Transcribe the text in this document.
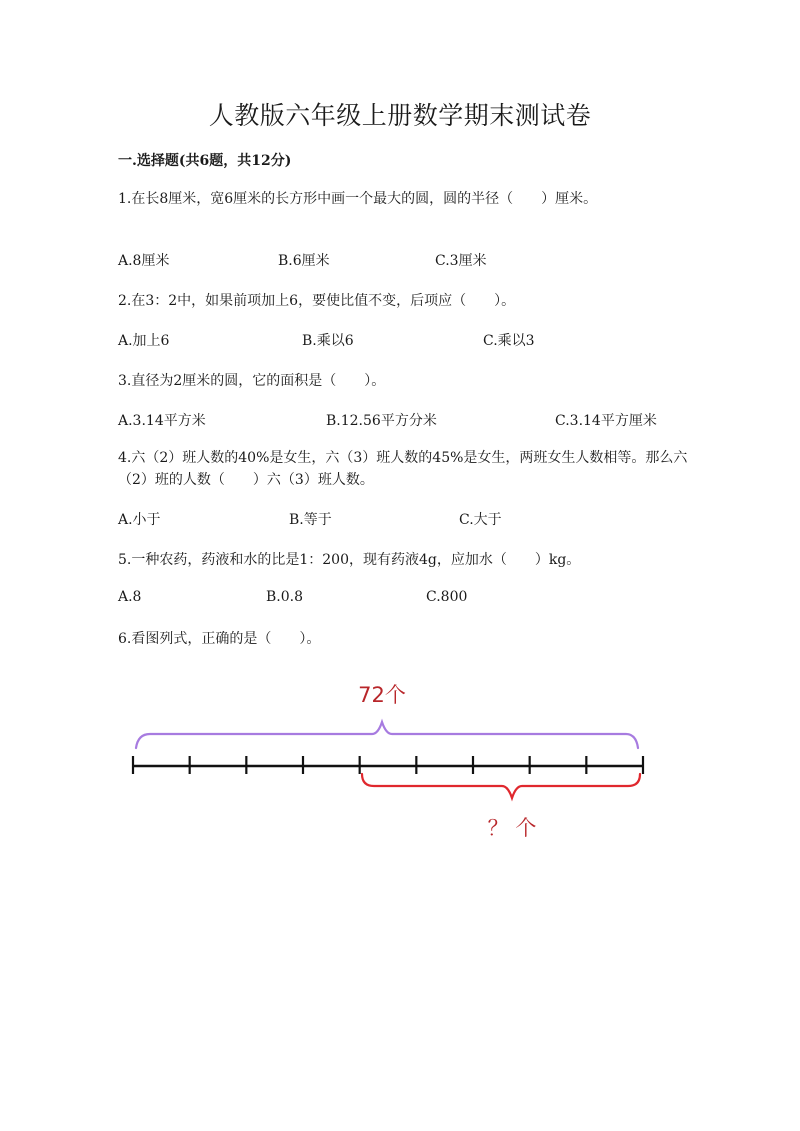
人教版六年级上册数学期末测试卷
一.选择题(共6题，共12分)
1.在长8厘米，宽6厘米的长方形中画一个最大的圆，圆的半径（　　）厘米。
A.8厘米	B.6厘米	C.3厘米
2.在3：2中，如果前项加上6，要使比值不变，后项应（　　）。
A.加上6	B.乘以6	C.乘以3
3.直径为2厘米的圆，它的面积是（　　）。
A.3.14平方米	B.12.56平方分米	C.3.14平方厘米
4.六（2）班人数的40%是女生，六（3）班人数的45%是女生，两班女生人数相等。那么六（2）班的人数（　　）六（3）班人数。
A.小于	B.等于	C.大于
5.一种农药，药液和水的比是1：200，现有药液4g，应加水（　　）kg。
A.8	B.0.8	C.800
6.看图列式，正确的是（　　）。
72个
？ 个
